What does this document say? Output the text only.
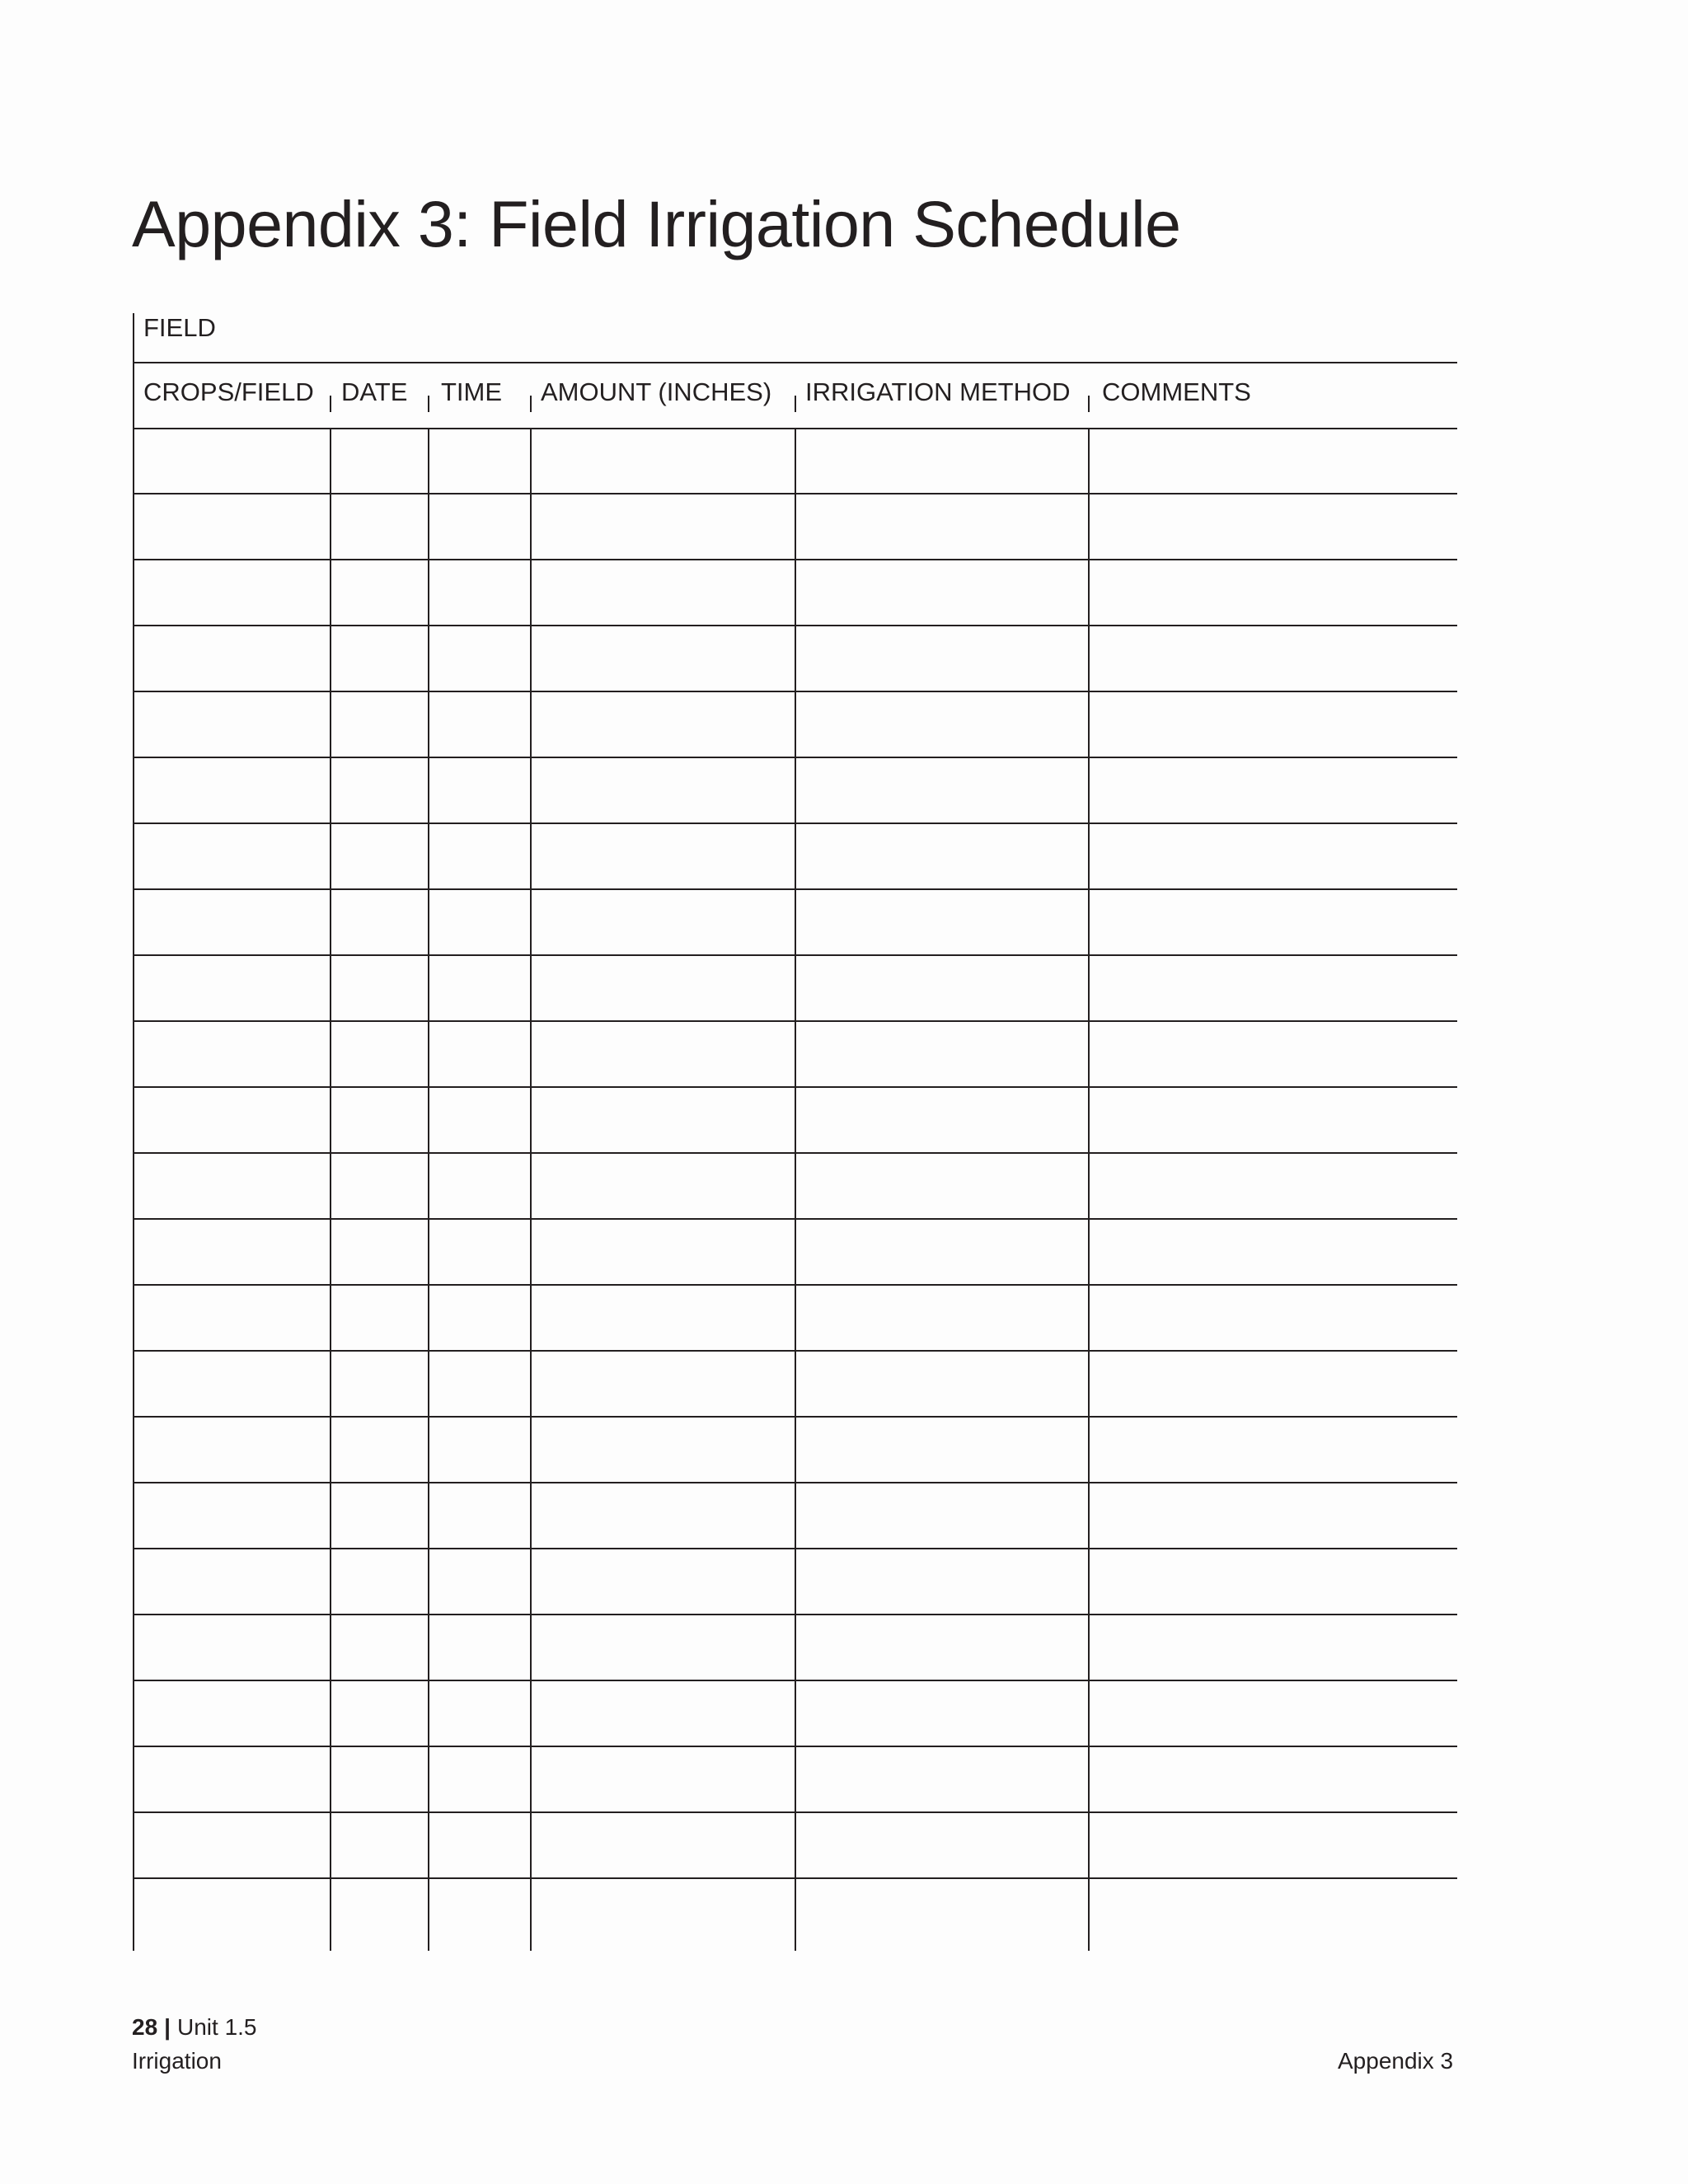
Appendix 3: Field Irrigation Schedule
FIELD
CROPS/FIELD DATE TIME AMOUNT (INCHES) IRRIGATION METHOD COMMENTS
28 | Unit 1.5
Irrigation	Appendix 3
